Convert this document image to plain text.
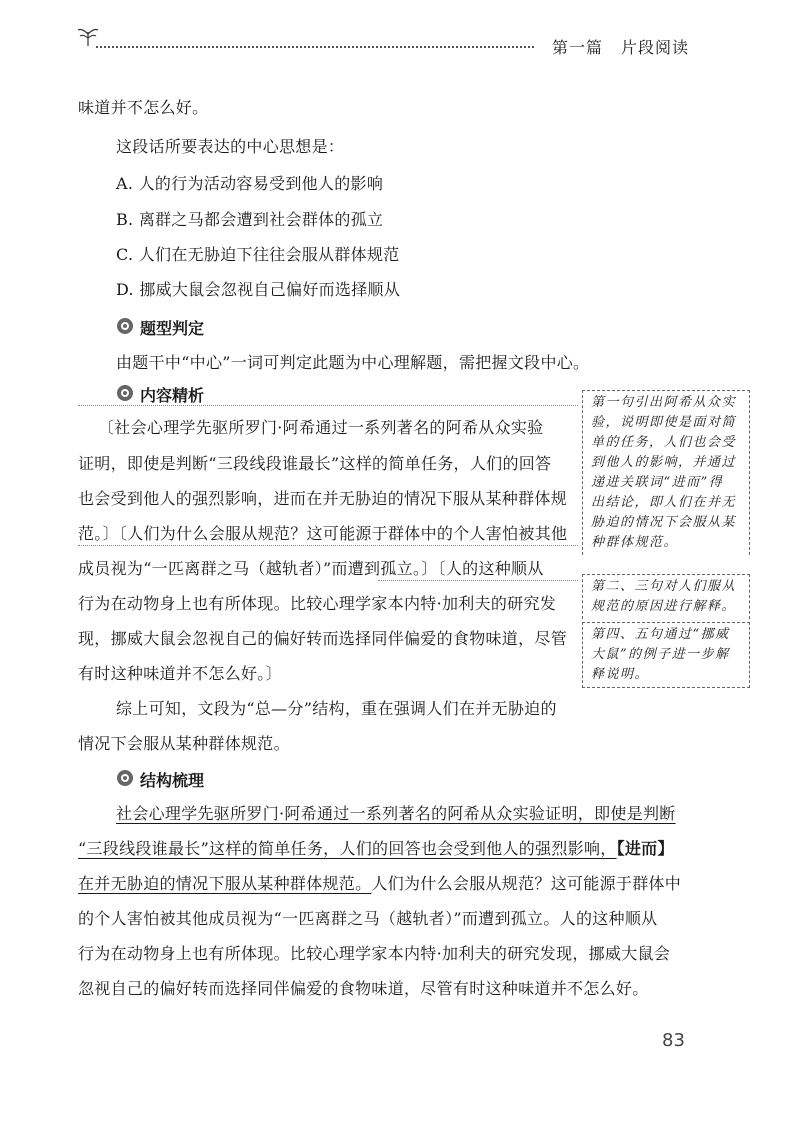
第一篇 片段阅读
味道并不怎么好。
这段话所要表达的中心思想是：
A. 人的行为活动容易受到他人的影响
B. 离群之马都会遭到社会群体的孤立
C. 人们在无胁迫下往往会服从群体规范
D. 挪威大鼠会忽视自己偏好而选择顺从
题型判定
由题干中“中心”一词可判定此题为中心理解题，需把握文段中心。
内容精析
〔社会心理学先驱所罗门·阿希通过一系列著名的阿希从众实验
证明，即使是判断“三段线段谁最长”这样的简单任务，人们的回答
也会受到他人的强烈影响，进而在并无胁迫的情况下服从某种群体规
范。〕〔人们为什么会服从规范？这可能源于群体中的个人害怕被其他
成员视为“一匹离群之马（越轨者）”而遭到孤立。〕〔人的这种顺从
行为在动物身上也有所体现。比较心理学家本内特·加利夫的研究发
现，挪威大鼠会忽视自己的偏好转而选择同伴偏爱的食物味道，尽管
有时这种味道并不怎么好。〕
第一句引出阿希从众实
验，说明即使是面对简
单的任务，人们也会受
到他人的影响，并通过
递进关联词“进而”得
出结论，即人们在并无
胁迫的情况下会服从某
种群体规范。
第二、三句对人们服从
规范的原因进行解释。
第四、五句通过“挪威
大鼠”的例子进一步解
释说明。
综上可知，文段为“总—分”结构，重在强调人们在并无胁迫的
情况下会服从某种群体规范。
结构梳理
社会心理学先驱所罗门·阿希通过一系列著名的阿希从众实验证明，即使是判断
“三段线段谁最长”这样的简单任务，人们的回答也会受到他人的强烈影响，【进而】
在并无胁迫的情况下服从某种群体规范。人们为什么会服从规范？这可能源于群体中
的个人害怕被其他成员视为“一匹离群之马（越轨者）”而遭到孤立。人的这种顺从
行为在动物身上也有所体现。比较心理学家本内特·加利夫的研究发现，挪威大鼠会
忽视自己的偏好转而选择同伴偏爱的食物味道，尽管有时这种味道并不怎么好。
83
